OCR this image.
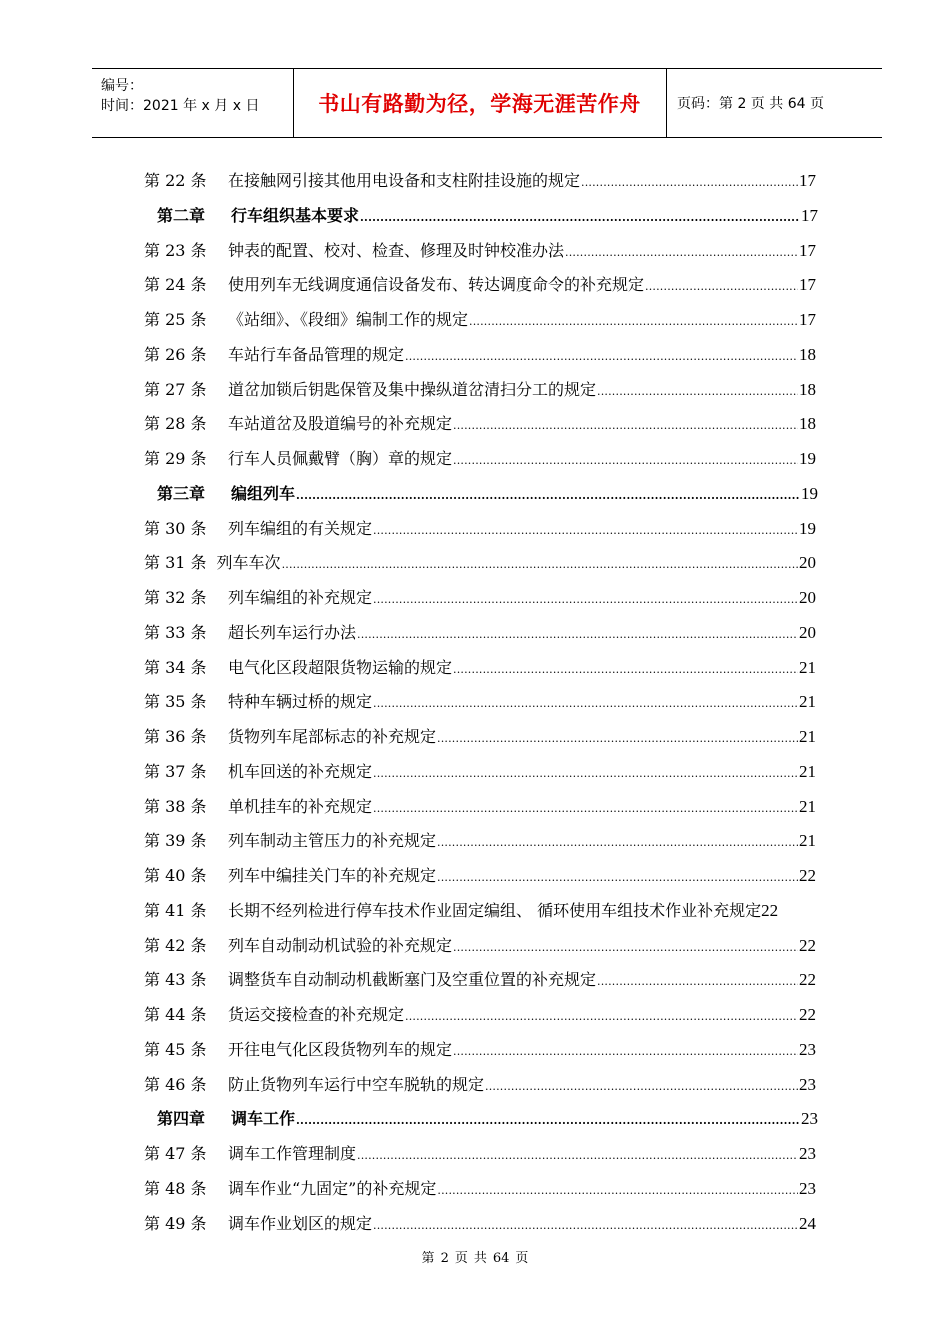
编号：
时间：2021 年 x 月 x 日	书山有路勤为径，学海无涯苦作舟	页码：第 2 页 共 64 页
第 22 条	在接触网引接其他用电设备和支柱附挂设施的规定 .....	17
第二章	行车组织基本要求 .....	17
第 23 条	钟表的配置、校对、检查、修理及时钟校准办法 .....	17
第 24 条	使用列车无线调度通信设备发布、转达调度命令的补充规定 .....	17
第 25 条	《站细》、《段细》编制工作的规定 .....	17
第 26 条	车站行车备品管理的规定 .....	18
第 27 条	道岔加锁后钥匙保管及集中操纵道岔清扫分工的规定 .....	18
第 28 条	车站道岔及股道编号的补充规定 .....	18
第 29 条	行车人员佩戴臂（胸）章的规定 .....	19
第三章	编组列车 .....	19
第 30 条	列车编组的有关规定 .....	19
第 31 条 列车车次 .....	20
第 32 条	列车编组的补充规定 .....	20
第 33 条	超长列车运行办法 .....	20
第 34 条	电气化区段超限货物运输的规定 .....	21
第 35 条	特种车辆过桥的规定 .....	21
第 36 条	货物列车尾部标志的补充规定 .....	21
第 37 条	机车回送的补充规定 .....	21
第 38 条	单机挂车的补充规定 .....	21
第 39 条	列车制动主管压力的补充规定 .....	21
第 40 条	列车中编挂关门车的补充规定 .....	22
第 41 条	长期不经列检进行停车技术作业固定编组、 循环使用车组技术作业补充规定 22
第 42 条	列车自动制动机试验的补充规定 .....	22
第 43 条	调整货车自动制动机截断塞门及空重位置的补充规定 .....	22
第 44 条	货运交接检查的补充规定 .....	22
第 45 条	开往电气化区段货物列车的规定 .....	23
第 46 条	防止货物列车运行中空车脱轨的规定 .....	23
第四章	调车工作 .....	23
第 47 条	调车工作管理制度 .....	23
第 48 条	调车作业“九固定”的补充规定 .....	23
第 49 条	调车作业划区的规定 .....	24
第 2 页 共 64 页
